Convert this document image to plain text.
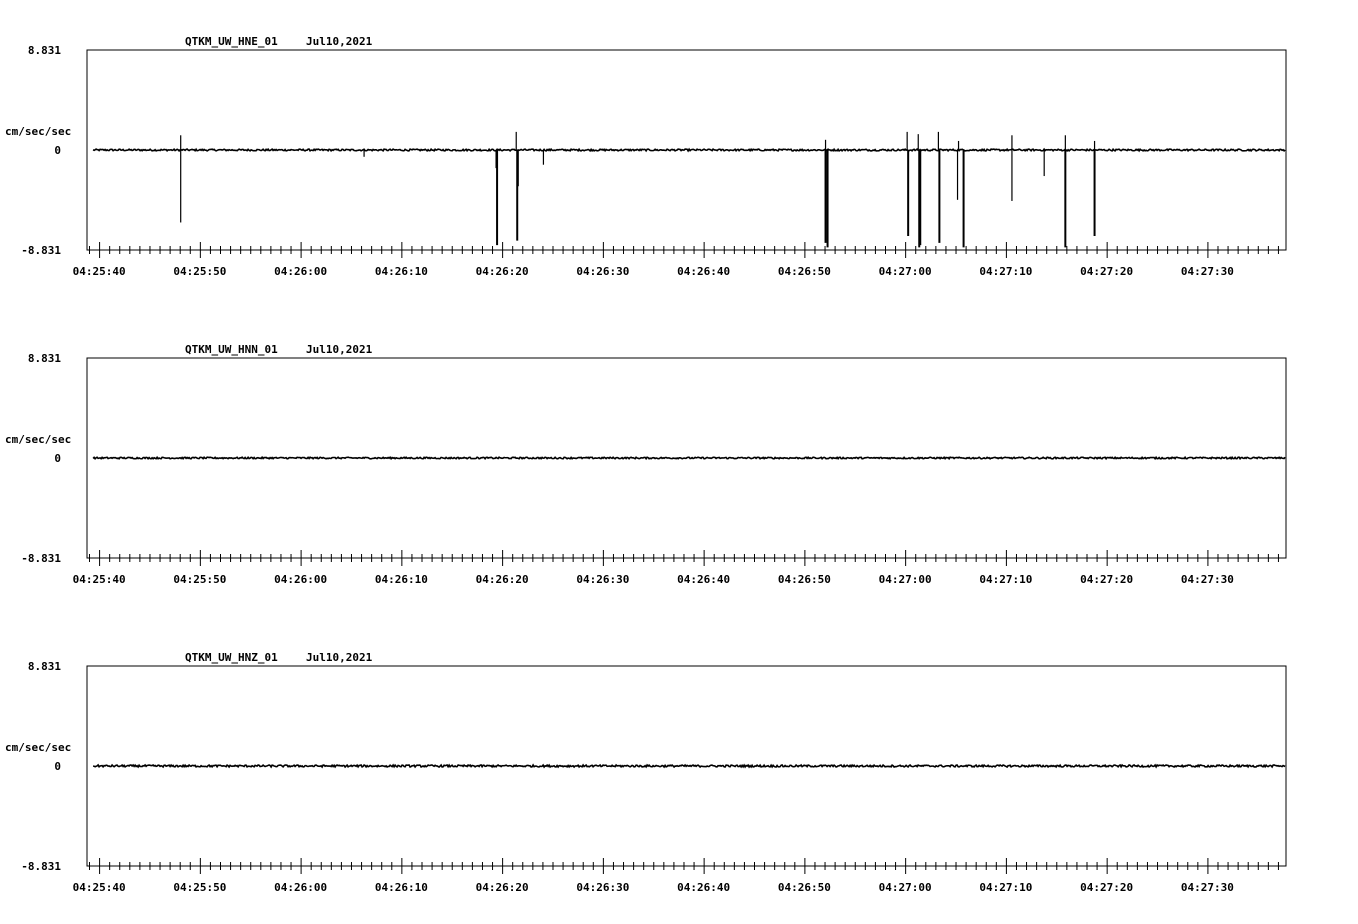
8.831
0
-8.831
cm/sec/sec
QTKM_UW_HNE_01	Jul10,2021
04:25:40	04:25:50	04:26:00	04:26:10	04:26:20	04:26:30	04:26:40	04:26:50	04:27:00	04:27:10	04:27:20	04:27:30
8.831
0
-8.831
cm/sec/sec
QTKM_UW_HNN_01	Jul10,2021
04:25:40	04:25:50	04:26:00	04:26:10	04:26:20	04:26:30	04:26:40	04:26:50	04:27:00	04:27:10	04:27:20	04:27:30
8.831
0
-8.831
cm/sec/sec
QTKM_UW_HNZ_01	Jul10,2021
04:25:40	04:25:50	04:26:00	04:26:10	04:26:20	04:26:30	04:26:40	04:26:50	04:27:00	04:27:10	04:27:20	04:27:30
